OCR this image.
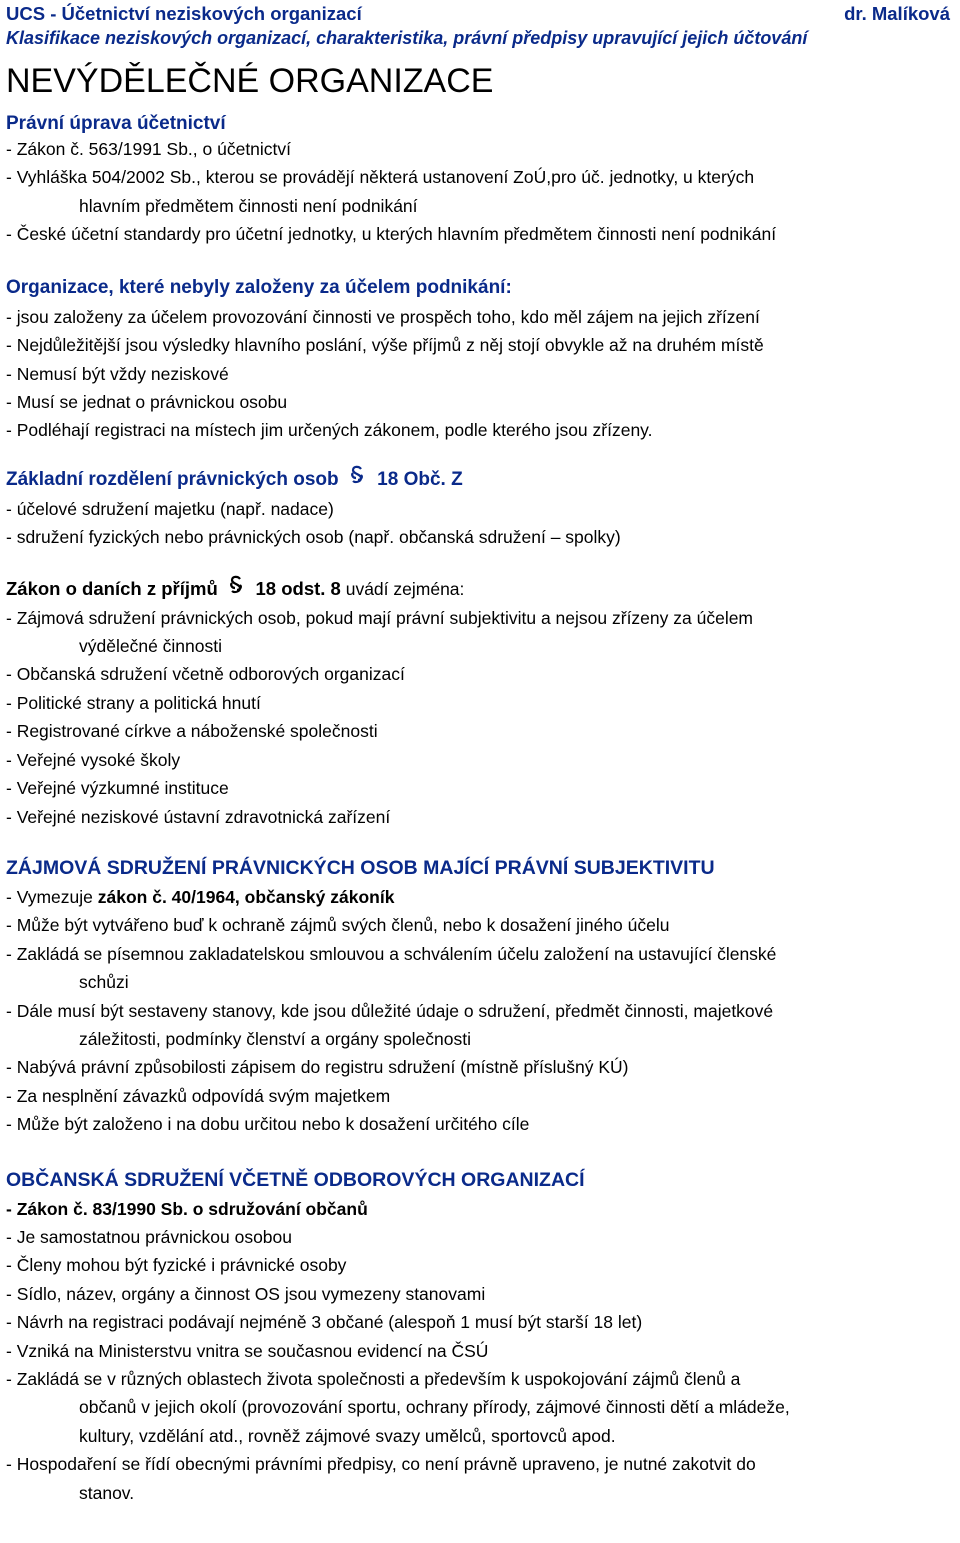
UCS - Účetnictví neziskových organizací	dr. Malíková
Klasifikace neziskových organizací, charakteristika, právní předpisy upravující jejich účtování
NEVÝDĚLEČNÉ ORGANIZACE
Právní úprava účetnictví
- Zákon č. 563/1991 Sb., o účetnictví
- Vyhláška 504/2002 Sb., kterou se provádějí některá ustanovení ZoÚ,pro úč. jednotky, u kterých
hlavním předmětem činnosti není podnikání
- České účetní standardy pro účetní jednotky, u kterých hlavním předmětem činnosti není podnikání
Organizace, které nebyly založeny za účelem podnikání:
- jsou založeny za účelem provozování činnosti ve prospěch toho, kdo měl zájem na jejich zřízení
- Nejdůležitější jsou výsledky hlavního poslání, výše příjmů z něj stojí obvykle až na druhém místě
- Nemusí být vždy neziskové
- Musí se jednat o právnickou osobu
- Podléhají registraci na místech jim určených zákonem, podle kterého jsou zřízeny.
Základní rozdělení právnických osob 18 Obč. Z
- účelové sdružení majetku (např. nadace)
- sdružení fyzických nebo právnických osob (např. občanská sdružení – spolky)
Zákon o daních z příjmů 18 odst. 8 uvádí zejména:
- Zájmová sdružení právnických osob, pokud mají právní subjektivitu a nejsou zřízeny za účelem
výdělečné činnosti
- Občanská sdružení včetně odborových organizací
- Politické strany a politická hnutí
- Registrované církve a náboženské společnosti
- Veřejné vysoké školy
- Veřejné výzkumné instituce
- Veřejné neziskové ústavní zdravotnická zařízení
ZÁJMOVÁ SDRUŽENÍ PRÁVNICKÝCH OSOB MAJÍCÍ PRÁVNÍ SUBJEKTIVITU
- Vymezuje zákon č. 40/1964, občanský zákoník
- Může být vytvářeno buď k ochraně zájmů svých členů, nebo k dosažení jiného účelu
- Zakládá se písemnou zakladatelskou smlouvou a schválením účelu založení na ustavující členské
schůzi
- Dále musí být sestaveny stanovy, kde jsou důležité údaje o sdružení, předmět činnosti, majetkové
záležitosti, podmínky členství a orgány společnosti
- Nabývá právní způsobilosti zápisem do registru sdružení (místně příslušný KÚ)
- Za nesplnění závazků odpovídá svým majetkem
- Může být založeno i na dobu určitou nebo k dosažení určitého cíle
OBČANSKÁ SDRUŽENÍ VČETNĚ ODBOROVÝCH ORGANIZACÍ
- Zákon č. 83/1990 Sb. o sdružování občanů
- Je samostatnou právnickou osobou
- Členy mohou být fyzické i právnické osoby
- Sídlo, název, orgány a činnost OS jsou vymezeny stanovami
- Návrh na registraci podávají nejméně 3 občané (alespoň 1 musí být starší 18 let)
- Vzniká na Ministerstvu vnitra se současnou evidencí na ČSÚ
- Zakládá se v různých oblastech života společnosti a především k uspokojování zájmů členů a
občanů v jejich okolí (provozování sportu, ochrany přírody, zájmové činnosti dětí a mládeže,
kultury, vzdělání atd., rovněž zájmové svazy umělců, sportovců apod.
- Hospodaření se řídí obecnými právními předpisy, co není právně upraveno, je nutné zakotvit do
stanov.
